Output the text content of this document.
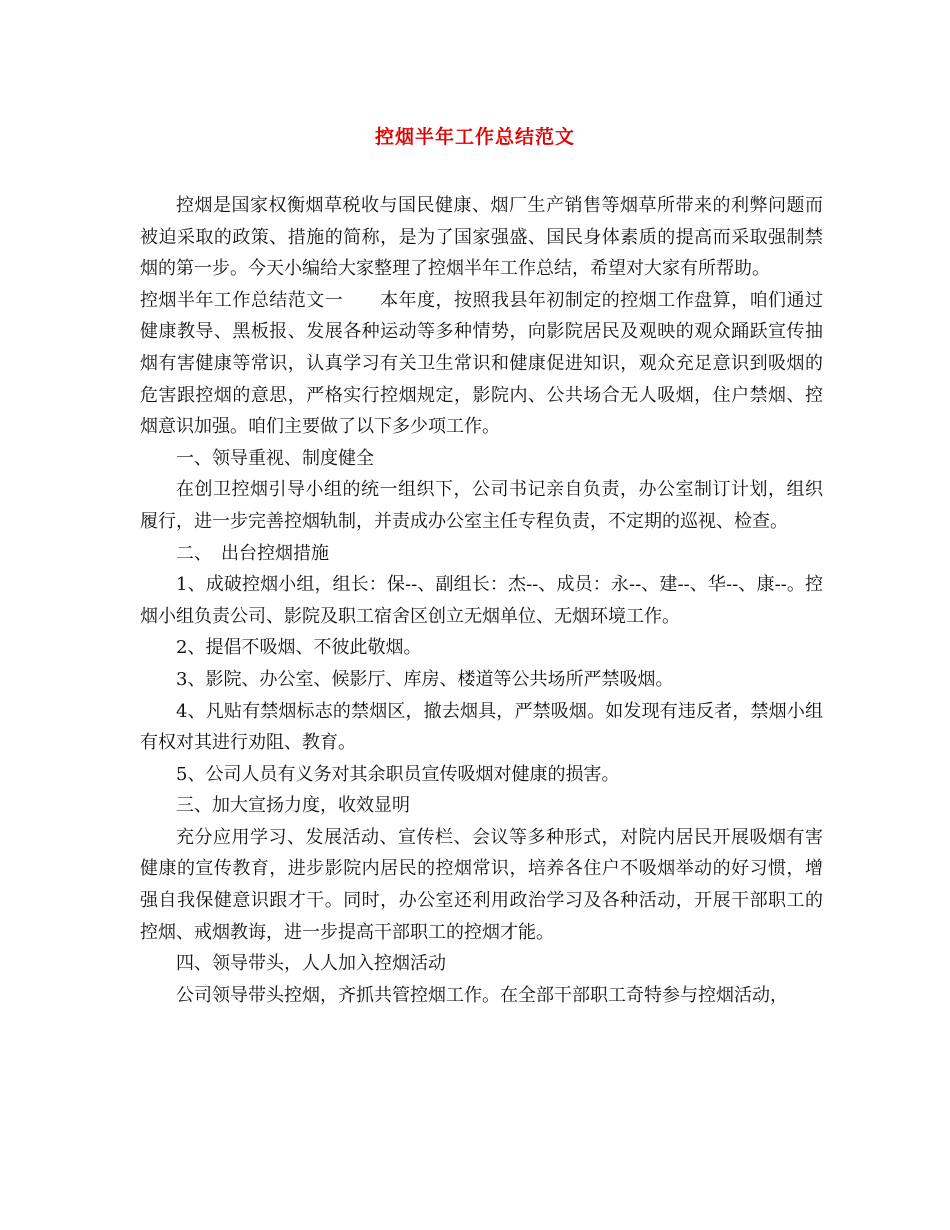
控烟半年工作总结范文

控烟是国家权衡烟草税收与国民健康、烟厂生产销售等烟草所带来的利弊问题而被迫采取的政策、措施的简称，是为了国家强盛、国民身体素质的提高而采取强制禁烟的第一步。今天小编给大家整理了控烟半年工作总结，希望对大家有所帮助。

控烟半年工作总结范文一　　本年度，按照我县年初制定的控烟工作盘算，咱们通过健康教导、黑板报、发展各种运动等多种情势，向影院居民及观映的观众踊跃宣传抽烟有害健康等常识，认真学习有关卫生常识和健康促进知识，观众充足意识到吸烟的危害跟控烟的意思，严格实行控烟规定，影院内、公共场合无人吸烟，住户禁烟、控烟意识加强。咱们主要做了以下多少项工作。

一、领导重视、制度健全

在创卫控烟引导小组的统一组织下，公司书记亲自负责，办公室制订计划，组织履行，进一步完善控烟轨制，并责成办公室主任专程负责，不定期的巡视、检查。

二、　出台控烟措施

1、成破控烟小组，组长：保--、副组长：杰--、成员：永--、建--、华--、康--。控烟小组负责公司、影院及职工宿舍区创立无烟单位、无烟环境工作。

2、提倡不吸烟、不彼此敬烟。

3、影院、办公室、候影厅、库房、楼道等公共场所严禁吸烟。

4、凡贴有禁烟标志的禁烟区，撤去烟具，严禁吸烟。如发现有违反者，禁烟小组有权对其进行劝阻、教育。

5、公司人员有义务对其余职员宣传吸烟对健康的损害。

三、加大宣扬力度，收效显明

充分应用学习、发展活动、宣传栏、会议等多种形式，对院内居民开展吸烟有害健康的宣传教育，进步影院内居民的控烟常识，培养各住户不吸烟举动的好习惯，增强自我保健意识跟才干。同时，办公室还利用政治学习及各种活动，开展干部职工的控烟、戒烟教诲，进一步提高干部职工的控烟才能。

四、领导带头，人人加入控烟活动

公司领导带头控烟，齐抓共管控烟工作。在全部干部职工奇特参与控烟活动，
